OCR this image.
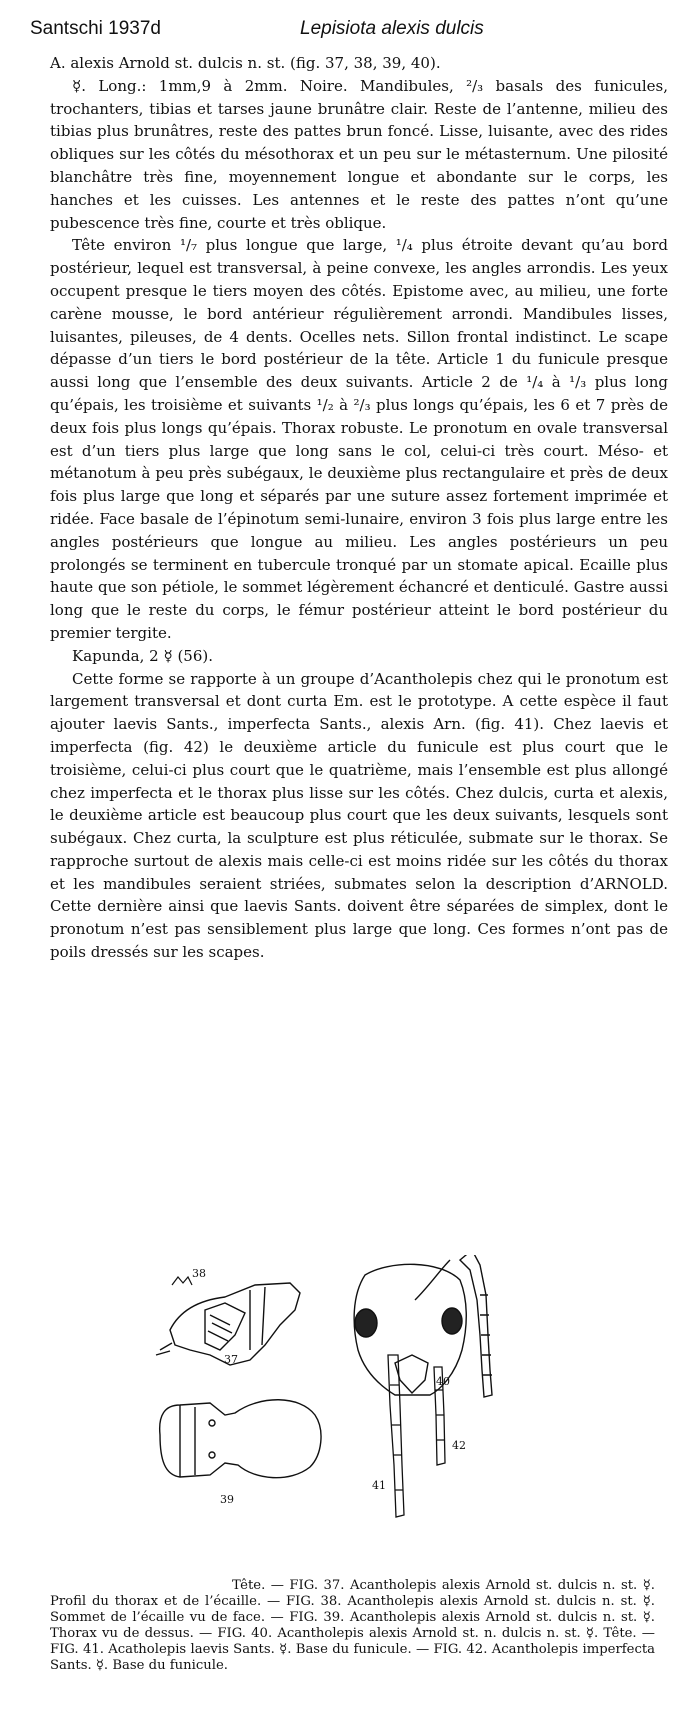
Santschi 1937d	Lepisiota alexis dulcis

A. alexis Arnold st. dulcis n. st. (fig. 37, 38, 39, 40).

☿. Long.: 1mm,9 à 2mm. Noire. Mandibules, ²/₃ basals des funicules, trochanters, tibias et tarses jaune brunâtre clair. Reste de l’antenne, milieu des tibias plus brunâtres, reste des pattes brun foncé. Lisse, luisante, avec des rides obliques sur les côtés du mésothorax et un peu sur le métasternum. Une pilosité blanchâtre très fine, moyennement longue et abondante sur le corps, les hanches et les cuisses. Les antennes et le reste des pattes n’ont qu’une pubescence très fine, courte et très oblique.

Tête environ ¹/₇ plus longue que large, ¹/₄ plus étroite devant qu’au bord postérieur, lequel est transversal, à peine convexe, les angles arrondis. Les yeux occupent presque le tiers moyen des côtés. Epistome avec, au milieu, une forte carène mousse, le bord antérieur régulièrement arrondi. Mandibules lisses, luisantes, pileuses, de 4 dents. Ocelles nets. Sillon frontal indistinct. Le scape dépasse d’un tiers le bord postérieur de la tête. Article 1 du funicule presque aussi long que l’ensemble des deux suivants. Article 2 de ¹/₄ à ¹/₃ plus long qu’épais, les troisième et suivants ¹/₂ à ²/₃ plus longs qu’épais, les 6 et 7 près de deux fois plus longs qu’épais. Thorax robuste. Le pronotum en ovale transversal est d’un tiers plus large que long sans le col, celui-ci très court. Méso- et métanotum à peu près subégaux, le deuxième plus rectangulaire et près de deux fois plus large que long et séparés par une suture assez fortement imprimée et ridée. Face basale de l’épinotum semi-lunaire, environ 3 fois plus large entre les angles postérieurs que longue au milieu. Les angles postérieurs un peu prolongés se terminent en tubercule tronqué par un stomate apical. Ecaille plus haute que son pétiole, le sommet légèrement échancré et denticulé. Gastre aussi long que le reste du corps, le fémur postérieur atteint le bord postérieur du premier tergite.

Kapunda, 2 ☿ (56).

Cette forme se rapporte à un groupe d’Acantholepis chez qui le pronotum est largement transversal et dont curta Em. est le prototype. A cette espèce il faut ajouter laevis Sants., imperfecta Sants., alexis Arn. (fig. 41). Chez laevis et imperfecta (fig. 42) le deuxième article du funicule est plus court que le troisième, celui-ci plus court que le quatrième, mais l’ensemble est plus allongé chez imperfecta et le thorax plus lisse sur les côtés. Chez dulcis, curta et alexis, le deuxième article est beaucoup plus court que les deux suivants, lesquels sont subégaux. Chez curta, la sculpture est plus réticulée, submate sur le thorax. Se rapproche surtout de alexis mais celle-ci est moins ridée sur les côtés du thorax et les mandibules seraient striées, submates selon la description d’ARNOLD. Cette dernière ainsi que laevis Sants. doivent être séparées de simplex, dont le pronotum n’est pas sensiblement plus large que long. Ces formes n’ont pas de poils dressés sur les scapes.

38
37
40
39
41
42

Tête. — FIG. 37. Acantholepis alexis Arnold st. dulcis n. st. ☿. Profil du thorax et de l’écaille. — FIG. 38. Acantholepis alexis Arnold st. dulcis n. st. ☿. Sommet de l’écaille vu de face. — FIG. 39. Acantholepis alexis Arnold st. dulcis n. st. ☿. Thorax vu de dessus. — FIG. 40. Acantholepis alexis Arnold st. n. dulcis n. st. ☿. Tête. — FIG. 41. Acatholepis laevis Sants. ☿. Base du funicule. — FIG. 42. Acantholepis imperfecta Sants. ☿. Base du funicule.
